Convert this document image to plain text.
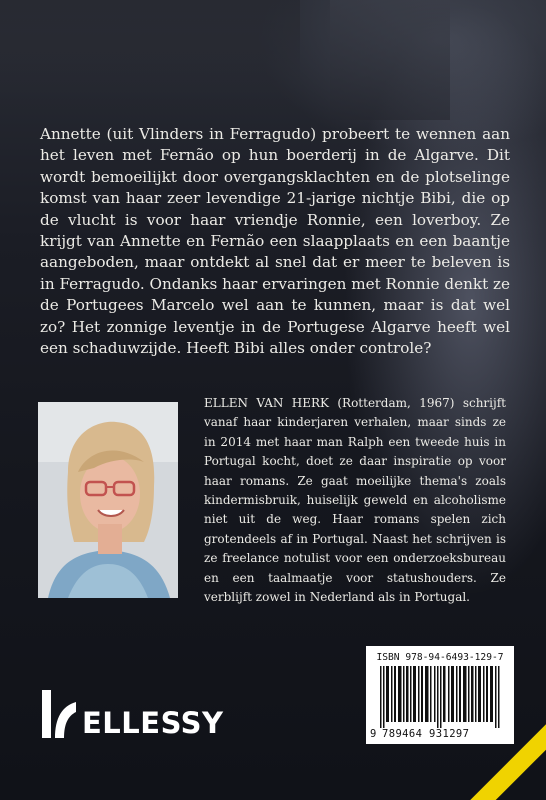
Annette (uit Vlinders in Ferragudo) probeert te wennen aan het leven met Fernão op hun boerderij in de Algarve. Dit wordt bemoeilijkt door overgangsklachten en de plotselinge komst van haar zeer levendige 21-jarige nichtje Bibi, die op de vlucht is voor haar vriendje Ronnie, een loverboy. Ze krijgt van Annette en Fernão een slaapplaats en een baantje aangeboden, maar ontdekt al snel dat er meer te beleven is in Ferragudo. Ondanks haar ervaringen met Ronnie denkt ze de Portugees Marcelo wel aan te kunnen, maar is dat wel zo? Het zonnige leventje in de Portugese Algarve heeft wel een schaduwzijde. Heeft Bibi alles onder controle?

ELLEN VAN HERK (Rotterdam, 1967) schrijft vanaf haar kinderjaren verhalen, maar sinds ze in 2014 met haar man Ralph een tweede huis in Portugal kocht, doet ze daar inspiratie op voor haar romans. Ze gaat moeilijke thema's zoals kindermisbruik, huiselijk geweld en alcoholisme niet uit de weg. Haar romans spelen zich grotendeels af in Portugal. Naast het schrijven is ze freelance notulist voor een onderzoeksbureau en een taalmaatje voor statushouders. Ze verblijft zowel in Nederland als in Portugal.

ELLESSY
ISBN 978-94-6493-129-7
9 789464 931297
